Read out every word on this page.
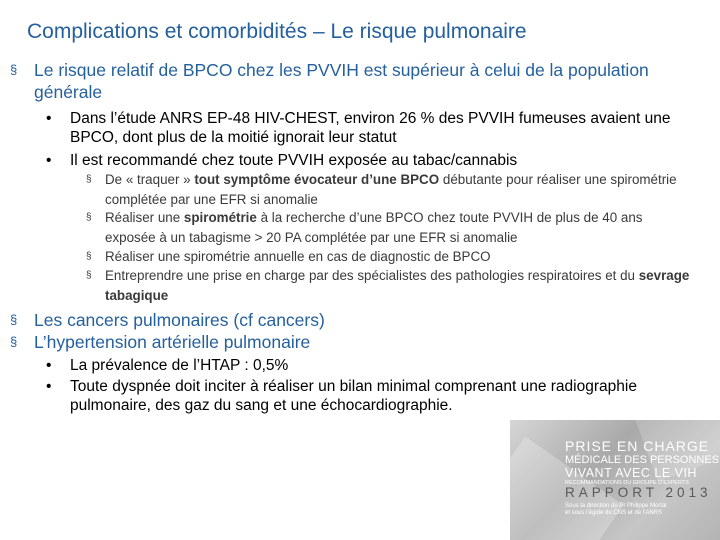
Complications et comorbidités – Le risque pulmonaire
§ Le risque relatif de BPCO chez les PVVIH est supérieur à celui de la population générale
•	Dans l’étude ANRS EP-48 HIV-CHEST, environ 26 % des PVVIH fumeuses avaient une BPCO, dont plus de la moitié ignorait leur statut
•	Il est recommandé chez toute PVVIH exposée au tabac/cannabis
§	De « traquer » tout symptôme évocateur d’une BPCO débutante pour réaliser une spirométrie complétée par une EFR si anomalie
§	Réaliser une spirométrie à la recherche d’une BPCO chez toute PVVIH de plus de 40 ans exposée à un tabagisme > 20 PA complétée par une EFR si anomalie
§	Réaliser une spirométrie annuelle en cas de diagnostic de BPCO
§	Entreprendre une prise en charge par des spécialistes des pathologies respiratoires et du sevrage tabagique
§ Les cancers pulmonaires (cf cancers)
§ L’hypertension artérielle pulmonaire
•	La prévalence de l’HTAP : 0,5%
•	Toute dyspnée doit inciter à réaliser un bilan minimal comprenant une radiographie pulmonaire, des gaz du sang et une échocardiographie.
PRISE EN CHARGE
MÉDICALE DES PERSONNES
VIVANT AVEC LE VIH
RECOMMANDATIONS DU GROUPE D’EXPERTS
RAPPORT 2013
Sous la direction du Pr Philippe Morlat
et sous l’égide du CNS et de l’ANRS
